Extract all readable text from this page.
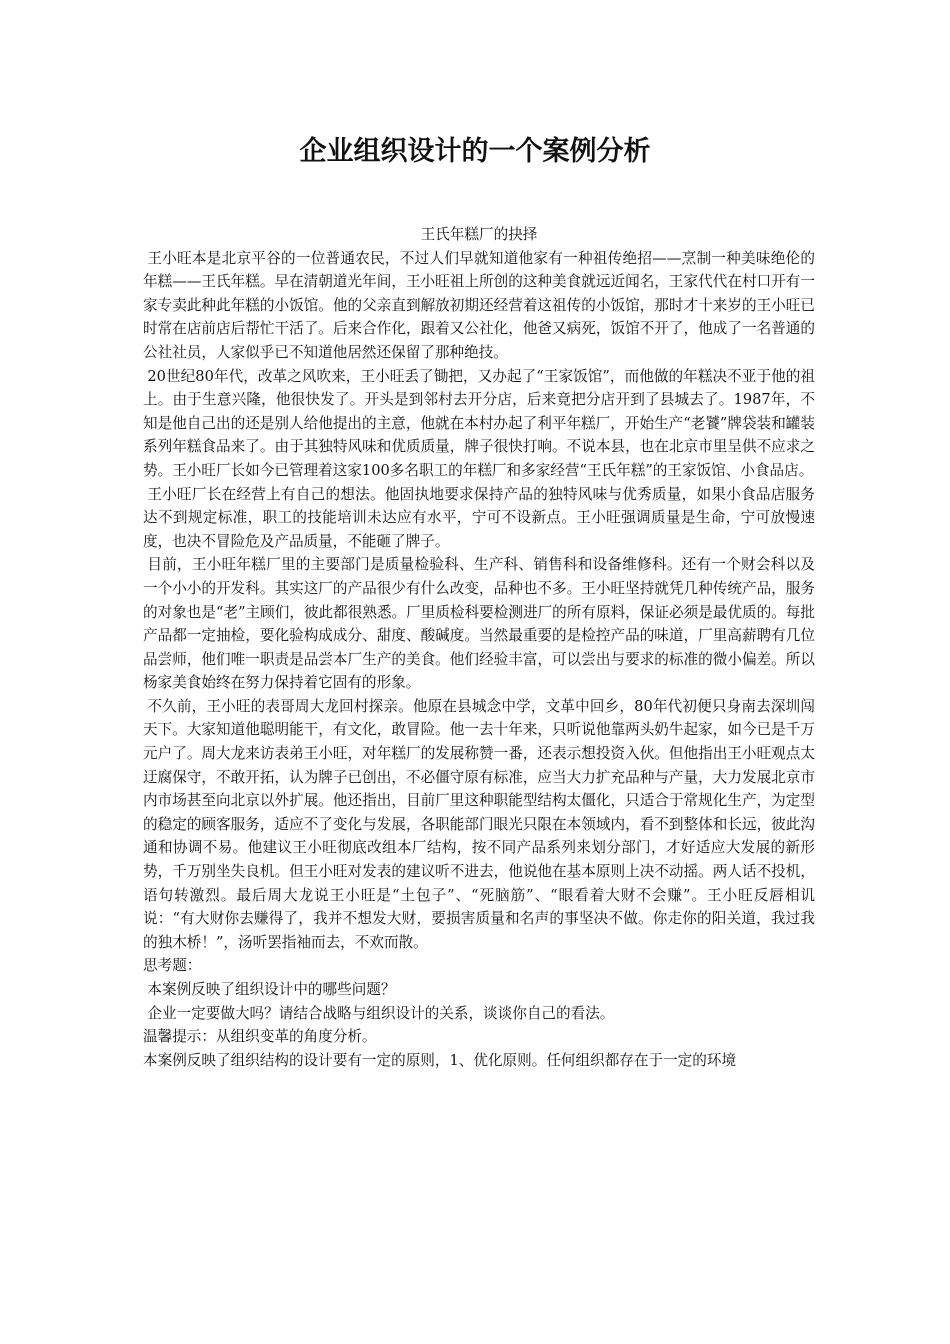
企业组织设计的一个案例分析

王氏年糕厂的抉择

王小旺本是北京平谷的一位普通农民，不过人们早就知道他家有一种祖传绝招——烹制一种美味绝伦的年糕——王氏年糕。早在清朝道光年间，王小旺祖上所创的这种美食就远近闻名，王家代代在村口开有一家专卖此种此年糕的小饭馆。他的父亲直到解放初期还经营着这祖传的小饭馆，那时才十来岁的王小旺已时常在店前店后帮忙干活了。后来合作化，跟着又公社化，他爸又病死，饭馆不开了，他成了一名普通的公社社员，人家似乎已不知道他居然还保留了那种绝技。

20世纪80年代，改革之风吹来，王小旺丢了锄把，又办起了“王家饭馆”，而他做的年糕决不亚于他的祖上。由于生意兴隆，他很快发了。开头是到邻村去开分店，后来竟把分店开到了县城去了。1987年，不知是他自己出的还是别人给他提出的主意，他就在本村办起了利平年糕厂，开始生产“老饕”牌袋装和罐装系列年糕食品来了。由于其独特风味和优质质量，牌子很快打响。不说本县，也在北京市里呈供不应求之势。王小旺厂长如今已管理着这家100多名职工的年糕厂和多家经营“王氏年糕”的王家饭馆、小食品店。

王小旺厂长在经营上有自己的想法。他固执地要求保持产品的独特风味与优秀质量，如果小食品店服务达不到规定标准，职工的技能培训未达应有水平，宁可不设新点。王小旺强调质量是生命，宁可放慢速度，也决不冒险危及产品质量，不能砸了牌子。

目前，王小旺年糕厂里的主要部门是质量检验科、生产科、销售科和设备维修科。还有一个财会科以及一个小小的开发科。其实这厂的产品很少有什么改变，品种也不多。王小旺坚持就凭几种传统产品，服务的对象也是“老”主顾们，彼此都很熟悉。厂里质检科要检测进厂的所有原料，保证必须是最优质的。每批产品都一定抽检，要化验构成成分、甜度、酸碱度。当然最重要的是检控产品的味道，厂里高薪聘有几位品尝师，他们唯一职责是品尝本厂生产的美食。他们经验丰富，可以尝出与要求的标准的微小偏差。所以杨家美食始终在努力保持着它固有的形象。

不久前，王小旺的表哥周大龙回村探亲。他原在县城念中学，文革中回乡，80年代初便只身南去深圳闯天下。大家知道他聪明能干，有文化，敢冒险。他一去十年来，只听说他靠两头奶牛起家，如今已是千万元户了。周大龙来访表弟王小旺，对年糕厂的发展称赞一番，还表示想投资入伙。但他指出王小旺观点太迂腐保守，不敢开拓，认为牌子已创出，不必僵守原有标准，应当大力扩充品种与产量，大力发展北京市内市场甚至向北京以外扩展。他还指出，目前厂里这种职能型结构太僵化，只适合于常规化生产，为定型的稳定的顾客服务，适应不了变化与发展，各职能部门眼光只限在本领域内，看不到整体和长远，彼此沟通和协调不易。他建议王小旺彻底改组本厂结构，按不同产品系列来划分部门，才好适应大发展的新形势，千万别坐失良机。但王小旺对发表的建议听不进去，他说他在基本原则上决不动摇。两人话不投机，语句转激烈。最后周大龙说王小旺是“土包子”、“死脑筋”、“眼看着大财不会赚”。王小旺反唇相讥说：“有大财你去赚得了，我并不想发大财，要损害质量和名声的事坚决不做。你走你的阳关道，我过我的独木桥！”，汤听罢指袖而去，不欢而散。

思考题：

本案例反映了组织设计中的哪些问题？

企业一定要做大吗？请结合战略与组织设计的关系，谈谈你自己的看法。

温馨提示：从组织变革的角度分析。

本案例反映了组织结构的设计要有一定的原则，1、优化原则。任何组织都存在于一定的环境
